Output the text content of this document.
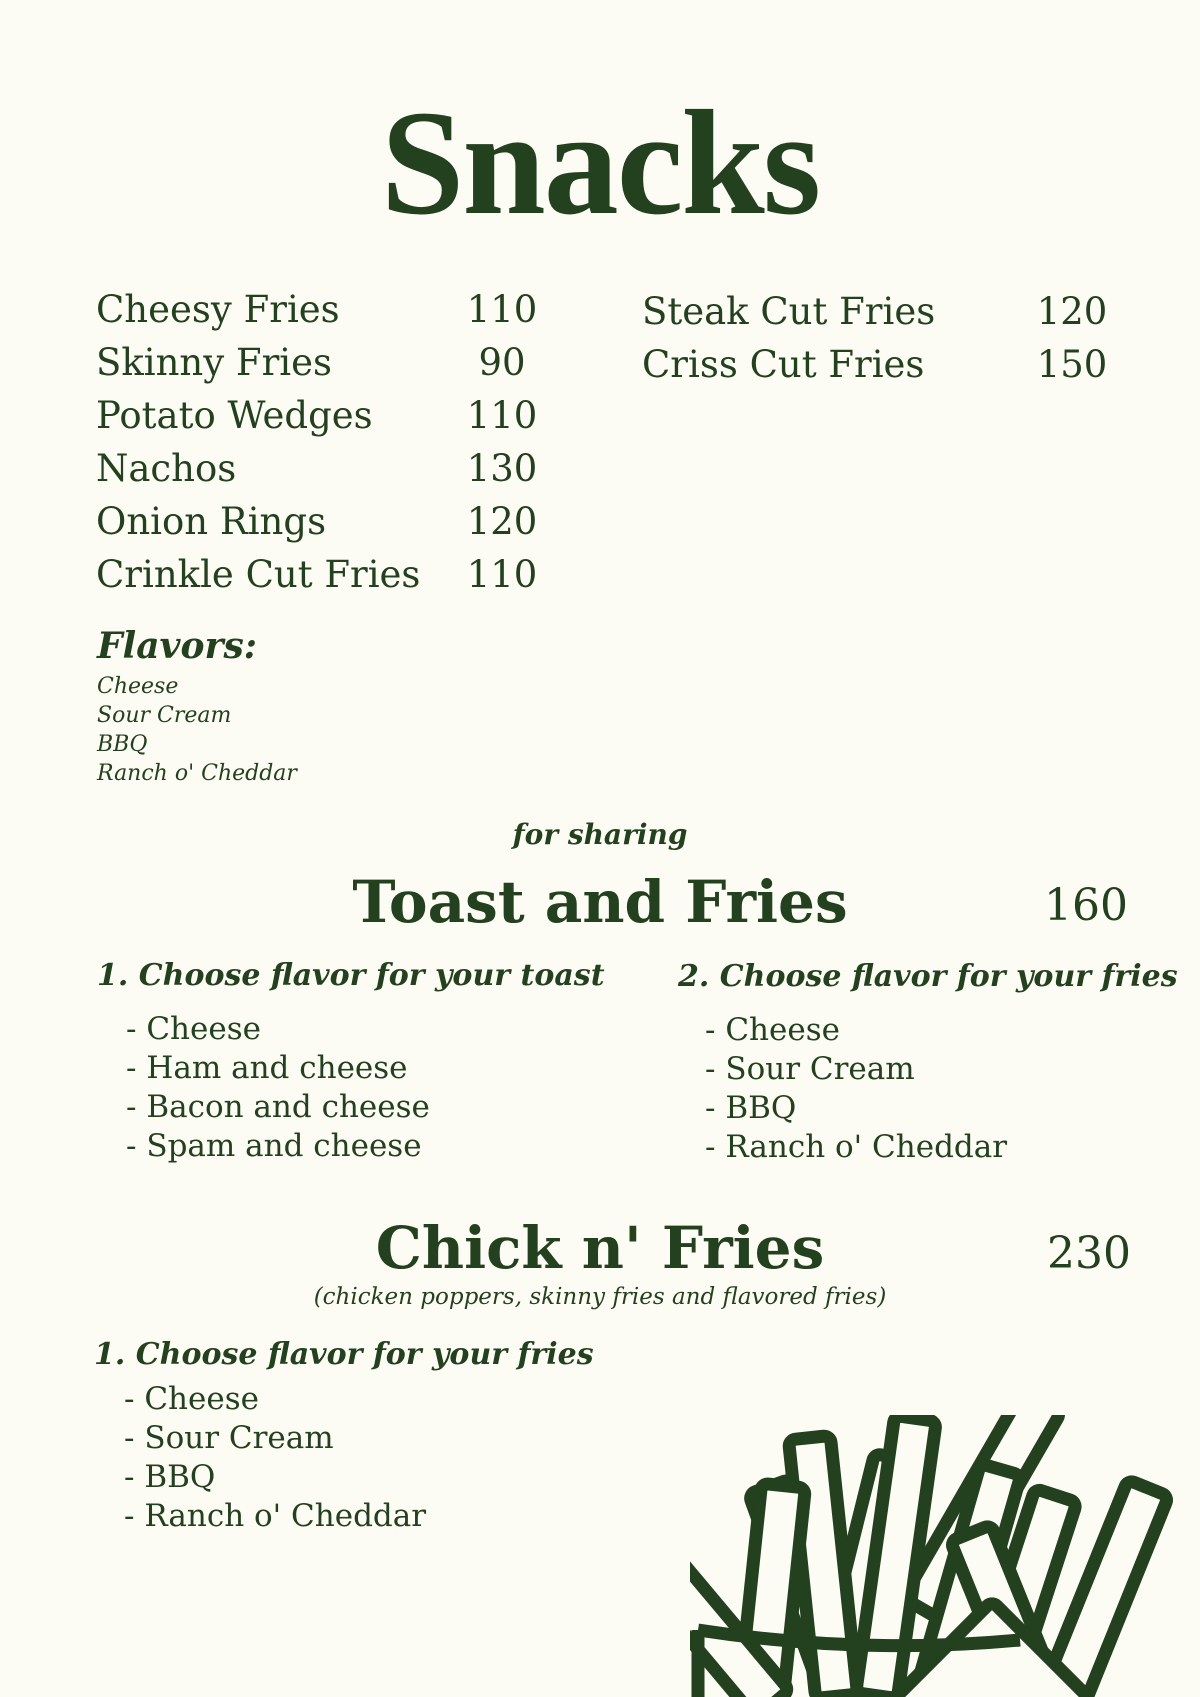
Snacks
Cheesy Fries	110
Skinny Fries	90
Potato Wedges	110
Nachos	130
Onion Rings	120
Crinkle Cut Fries 110
Steak Cut Fries	120
Criss Cut Fries	150
Flavors:
Cheese
Sour Cream
BBQ
Ranch o' Cheddar
for sharing
Toast and Fries	160
1. Choose flavor for your toast
- Cheese
- Ham and cheese
- Bacon and cheese
- Spam and cheese
2. Choose flavor for your fries
- Cheese
- Sour Cream
- BBQ
- Ranch o' Cheddar
Chick n' Fries	230
(chicken poppers, skinny fries and flavored fries)
1. Choose flavor for your fries
- Cheese
- Sour Cream
- BBQ
- Ranch o' Cheddar
